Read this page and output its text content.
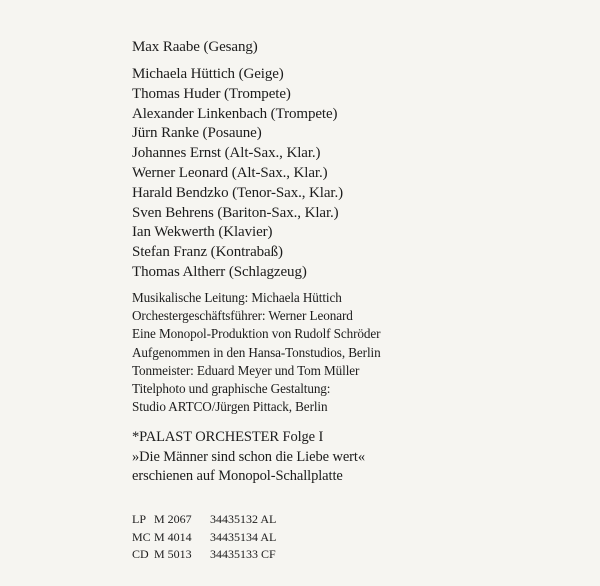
Max Raabe (Gesang)
Michaela Hüttich (Geige)
Thomas Huder (Trompete)
Alexander Linkenbach (Trompete)
Jürn Ranke (Posaune)
Johannes Ernst (Alt-Sax., Klar.)
Werner Leonard (Alt-Sax., Klar.)
Harald Bendzko (Tenor-Sax., Klar.)
Sven Behrens (Bariton-Sax., Klar.)
Ian Wekwerth (Klavier)
Stefan Franz (Kontrabaß)
Thomas Altherr (Schlagzeug)
Musikalische Leitung: Michaela Hüttich
Orchestergeschäftsführer: Werner Leonard
Eine Monopol-Produktion von Rudolf Schröder
Aufgenommen in den Hansa-Tonstudios, Berlin
Tonmeister: Eduard Meyer und Tom Müller
Titelphoto und graphische Gestaltung:
Studio ARTCO/Jürgen Pittack, Berlin
*PALAST ORCHESTER Folge I
»Die Männer sind schon die Liebe wert«
erschienen auf Monopol-Schallplatte
LP M 2067	34435132 AL
MC M 4014	34435134 AL
CD M 5013	34435133 CF
